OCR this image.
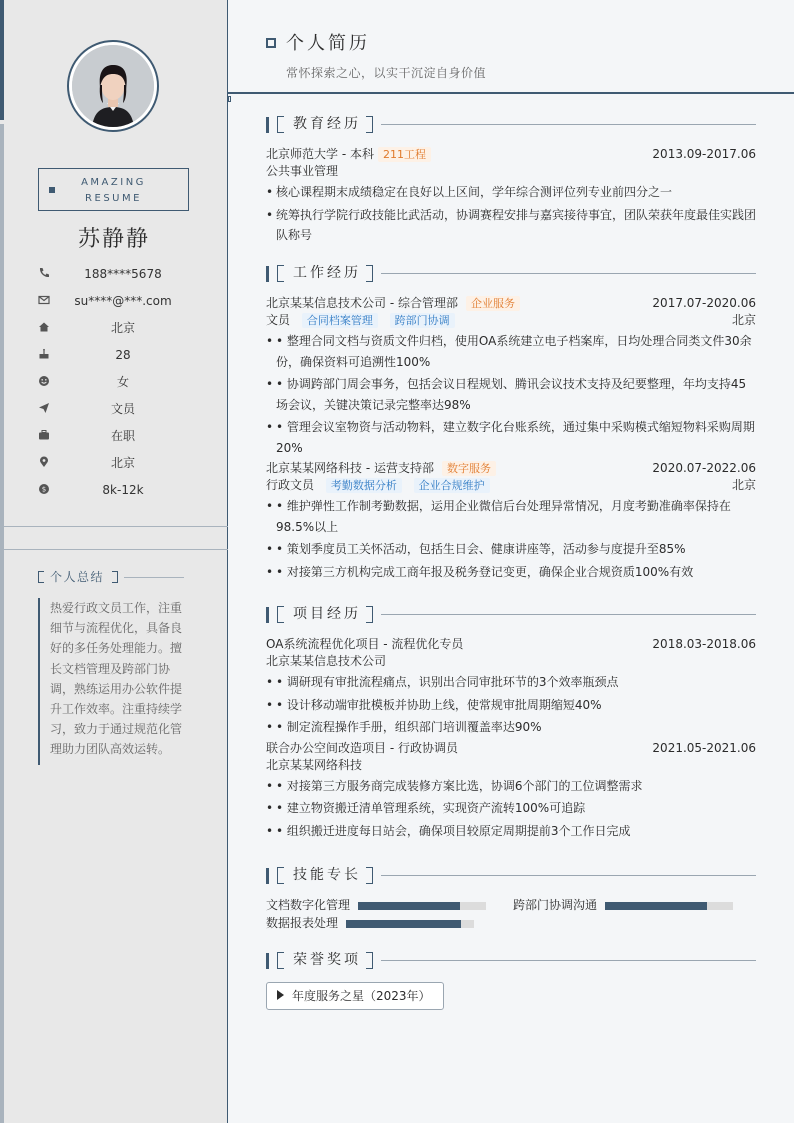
AMAZING
RESUME
苏静静
188****5678
su****@***.com
北京
28
女
文员
在职
北京
$	8k-12k
个人总结
热爱行政文员工作，注重细节与流程优化，具备良好的多任务处理能力。擅长文档管理及跨部门协调，熟练运用办公软件提升工作效率。注重持续学习，致力于通过规范化管理助力团队高效运转。
个人简历
常怀探索之心，以实干沉淀自身价值
教育经历
北京师范大学 - 本科 211工程	2013.09-2017.06
公共事业管理
• 核心课程期末成绩稳定在良好以上区间，学年综合测评位列专业前四分之一
• 统筹执行学院行政技能比武活动，协调赛程安排与嘉宾接待事宜，团队荣获年度最佳实践团队称号
工作经历
北京某某信息技术公司 - 综合管理部 企业服务	2017.07-2020.06
文员 合同档案管理 跨部门协调	北京
• • 整理合同文档与资质文件归档，使用OA系统建立电子档案库，日均处理合同类文件30余份，确保资料可追溯性100%
• • 协调跨部门周会事务，包括会议日程规划、腾讯会议技术支持及纪要整理，年均支持45场会议，关键决策记录完整率达98%
• • 管理会议室物资与活动物料，建立数字化台账系统，通过集中采购模式缩短物料采购周期20%
北京某某网络科技 - 运营支持部 数字服务	2020.07-2022.06
行政文员 考勤数据分析 企业合规维护	北京
• • 维护弹性工作制考勤数据，运用企业微信后台处理异常情况，月度考勤准确率保持在98.5%以上
• • 策划季度员工关怀活动，包括生日会、健康讲座等，活动参与度提升至85%
• • 对接第三方机构完成工商年报及税务登记变更，确保企业合规资质100%有效
项目经历
OA系统流程优化项目 - 流程优化专员	2018.03-2018.06
北京某某信息技术公司
• • 调研现有审批流程痛点，识别出合同审批环节的3个效率瓶颈点
• • 设计移动端审批模板并协助上线，使常规审批周期缩短40%
• • 制定流程操作手册，组织部门培训覆盖率达90%
联合办公空间改造项目 - 行政协调员	2021.05-2021.06
北京某某网络科技
• • 对接第三方服务商完成装修方案比选，协调6个部门的工位调整需求
• • 建立物资搬迁清单管理系统，实现资产流转100%可追踪
• • 组织搬迁进度每日站会，确保项目较原定周期提前3个工作日完成
技能专长
文档数字化管理	跨部门协调沟通
数据报表处理
荣誉奖项
年度服务之星（2023年）
